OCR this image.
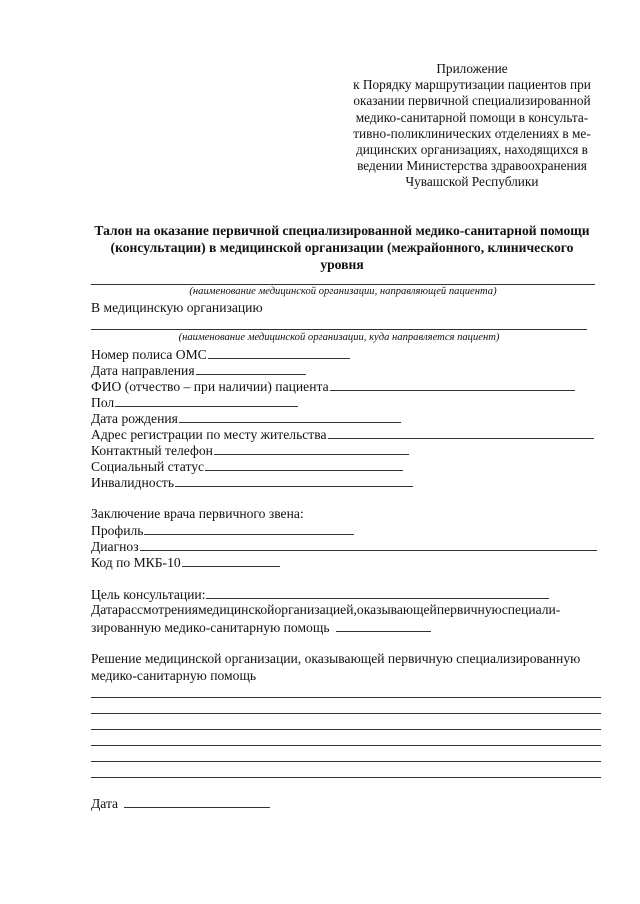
Приложение
к Порядку маршрутизации пациентов при
оказании первичной специализированной
медико-санитарной помощи в консульта-
тивно-поликлинических отделениях в ме-
дицинских организациях, находящихся в
ведении Министерства здравоохранения
Чувашской Республики
Талон на оказание первичной специализированной медико-санитарной помощи
(консультации) в медицинской организации (межрайонного, клинического
уровня
(наименование медицинской организации, направляющей пациента)
В медицинскую организацию
(наименование медицинской организации, куда направляется пациент)
Номер полиса ОМС
Дата направления
ФИО (отчество – при наличии) пациента
Пол
Дата рождения
Адрес регистрации по месту жительства
Контактный телефон
Социальный статус
Инвалидность
Заключение врача первичного звена:
Профиль
Диагноз
Код по МКБ-10
Цель консультации:
Датарассмотрениямедицинскойорганизацией,оказывающейпервичнуюспециали-
зированную медико-санитарную помощь
Решение медицинской организации, оказывающей первичную специализированную
медико-санитарную помощь
Дата
